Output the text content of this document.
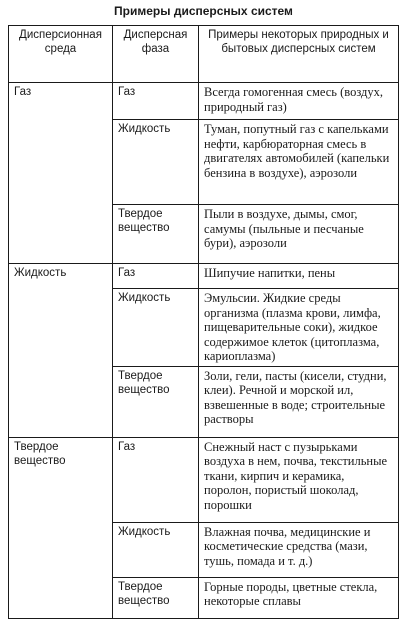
Примеры дисперсных систем
Дисперсионная среда	Дисперсная фаза	Примеры некоторых природных и бытовых дисперсных систем
Газ	Газ	Всегда гомогенная смесь (воздух, природный газ)
	Жидкость	Туман, попутный газ с капельками нефти, карбюраторная смесь в двигателях автомобилей (капельки бензина в воздухе), аэрозоли
	Твердое вещество	Пыли в воздухе, дымы, смог, самумы (пыльные и песчаные бури), аэрозоли
Жидкость	Газ	Шипучие напитки, пены
	Жидкость	Эмульсии. Жидкие среды организма (плазма крови, лимфа, пищеварительные соки), жидкое содержимое клеток (цитоплазма, кариоплазма)
	Твердое вещество	Золи, гели, пасты (кисели, студни, клеи). Речной и морской ил, взвешенные в воде; строительные растворы
Твердое вещество	Газ	Снежный наст с пузырьками воздуха в нем, почва, текстильные ткани, кирпич и керамика, поролон, пористый шоколад, порошки
	Жидкость	Влажная почва, медицинские и косметические средства (мази, тушь, помада и т. д.)
	Твердое вещество	Горные породы, цветные стекла, некоторые сплавы
